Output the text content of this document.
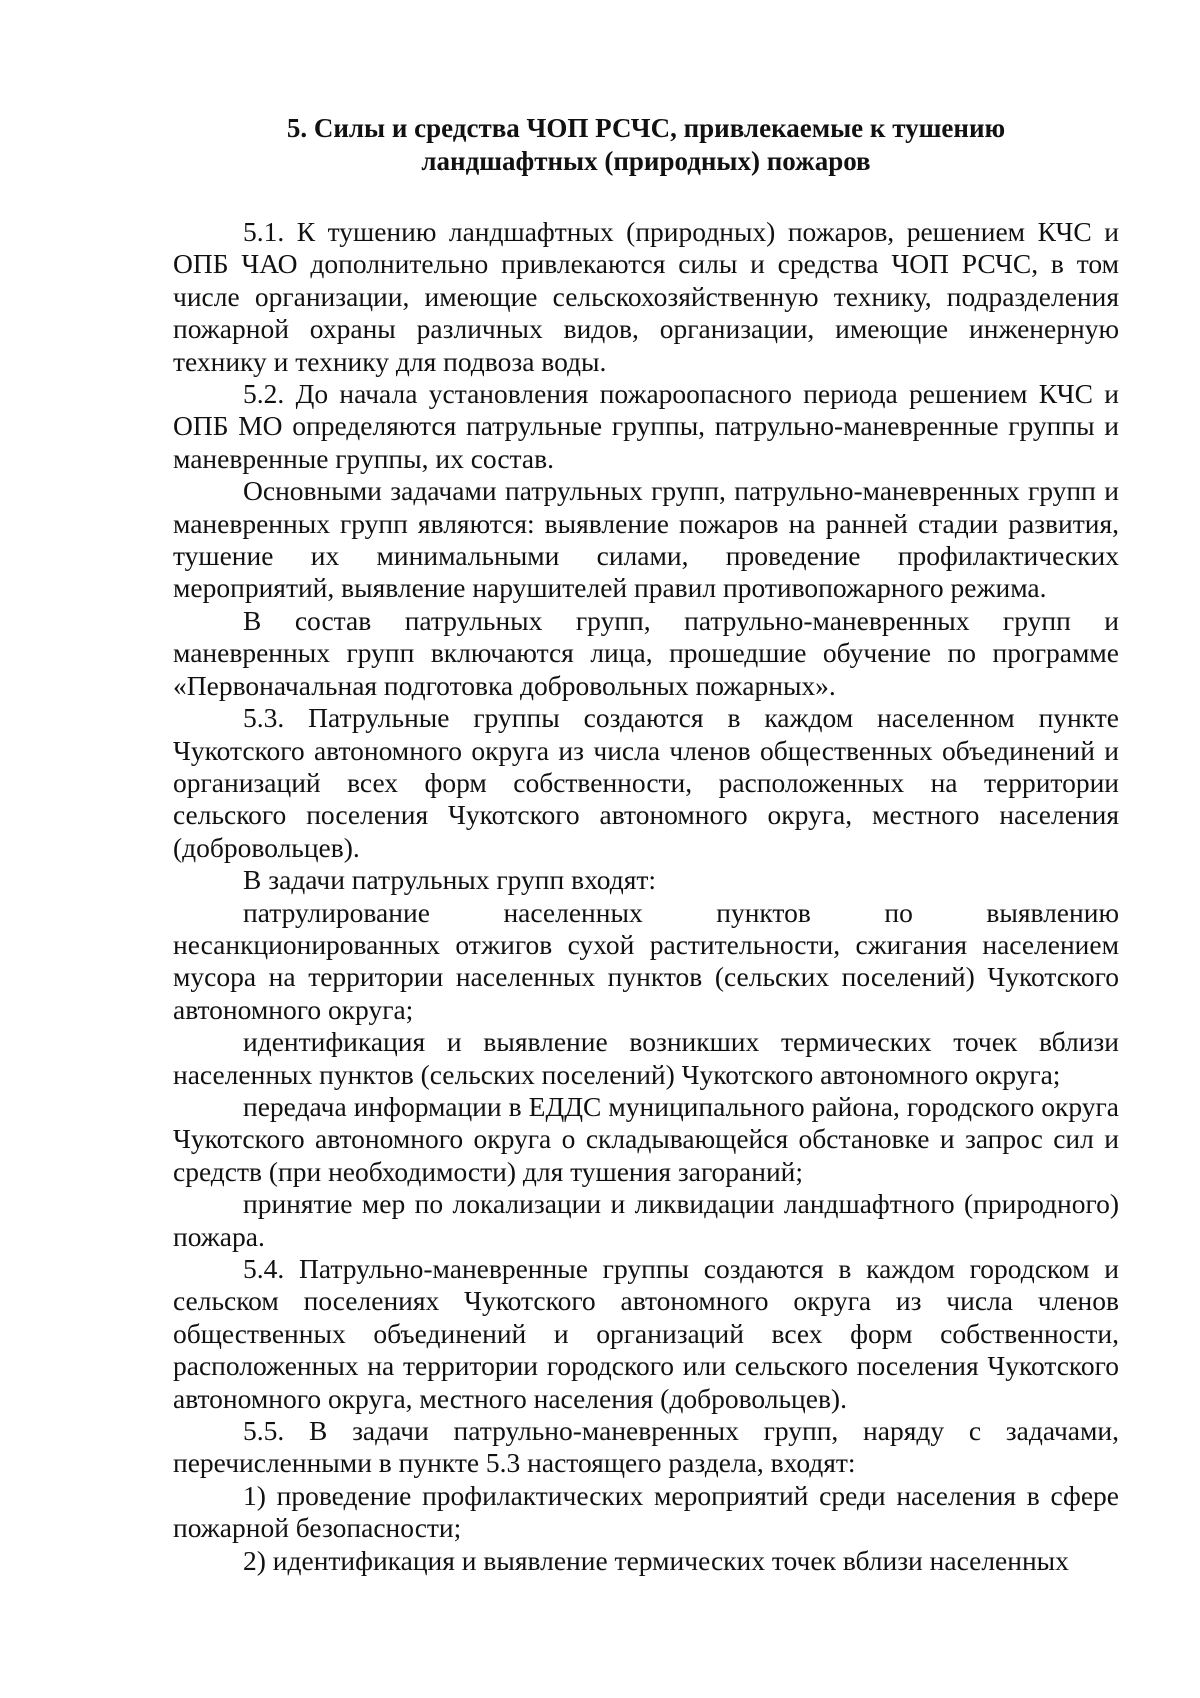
5. Силы и средства ЧОП РСЧС, привлекаемые к тушению
ландшафтных (природных) пожаров

5.1. К тушению ландшафтных (природных) пожаров, решением КЧС и ОПБ ЧАО дополнительно привлекаются силы и средства ЧОП РСЧС, в том числе организации, имеющие сельскохозяйственную технику, подразделения пожарной охраны различных видов, организации, имеющие инженерную технику и технику для подвоза воды.

5.2. До начала установления пожароопасного периода решением КЧС и ОПБ МО определяются патрульные группы, патрульно-маневренные группы и маневренные группы, их состав.

Основными задачами патрульных групп, патрульно-маневренных групп и маневренных групп являются: выявление пожаров на ранней стадии развития, тушение их минимальными силами, проведение профилактических мероприятий, выявление нарушителей правил противопожарного режима.

В состав патрульных групп, патрульно-маневренных групп и маневренных групп включаются лица, прошедшие обучение по программе «Первоначальная подготовка добровольных пожарных».

5.3. Патрульные группы создаются в каждом населенном пункте Чукотского автономного округа из числа членов общественных объединений и организаций всех форм собственности, расположенных на территории сельского поселения Чукотского автономного округа, местного населения (добровольцев).

В задачи патрульных групп входят:

патрулирование населенных пунктов по выявлению несанкционированных отжигов сухой растительности, сжигания населением мусора на территории населенных пунктов (сельских поселений) Чукотского автономного округа;

идентификация и выявление возникших термических точек вблизи населенных пунктов (сельских поселений) Чукотского автономного округа;

передача информации в ЕДДС муниципального района, городского округа Чукотского автономного округа о складывающейся обстановке и запрос сил и средств (при необходимости) для тушения загораний;

принятие мер по локализации и ликвидации ландшафтного (природного) пожара.

5.4. Патрульно-маневренные группы создаются в каждом городском и сельском поселениях Чукотского автономного округа из числа членов общественных объединений и организаций всех форм собственности, расположенных на территории городского или сельского поселения Чукотского автономного округа, местного населения (добровольцев).

5.5. В задачи патрульно-маневренных групп, наряду с задачами, перечисленными в пункте 5.3 настоящего раздела, входят:

1) проведение профилактических мероприятий среди населения в сфере пожарной безопасности;

2) идентификация и выявление термических точек вблизи населенных
